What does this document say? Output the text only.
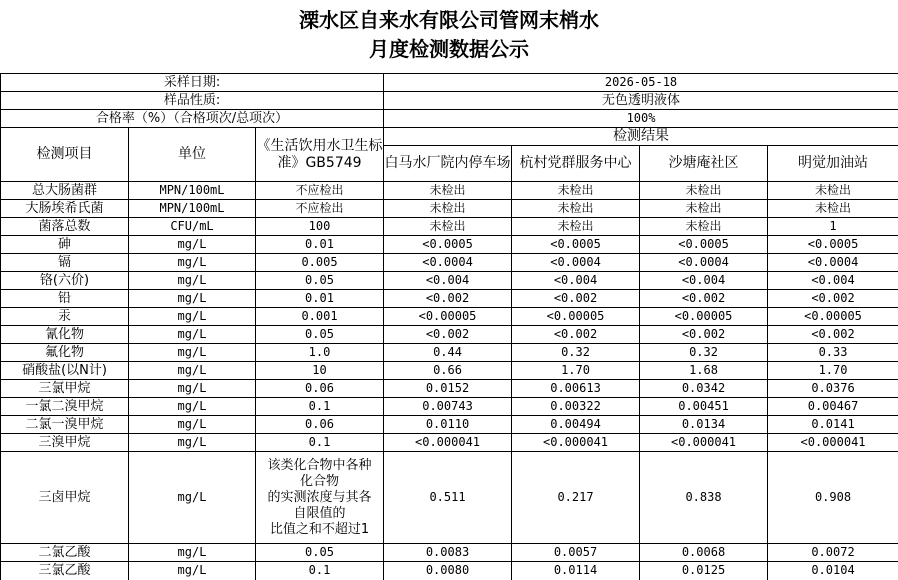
溧水区自来水有限公司管网末梢水
月度检测数据公示
采样日期:			2026-05-18			
样品性质:			无色透明液体			
合格率（%）（合格项次/总项次）			100%			
检测项目	单位	《生活饮用水卫生标准》GB5749	检测结果			
			白马水厂院内停车场	杭村党群服务中心	沙塘庵社区	明觉加油站
总大肠菌群	MPN/100mL	不应检出	未检出	未检出	未检出	未检出
大肠埃希氏菌	MPN/100mL	不应检出	未检出	未检出	未检出	未检出
菌落总数	CFU/mL	100	未检出	未检出	未检出	1
砷	mg/L	0.01	<0.0005	<0.0005	<0.0005	<0.0005
镉	mg/L	0.005	<0.0004	<0.0004	<0.0004	<0.0004
铬(六价)	mg/L	0.05	<0.004	<0.004	<0.004	<0.004
铅	mg/L	0.01	<0.002	<0.002	<0.002	<0.002
汞	mg/L	0.001	<0.00005	<0.00005	<0.00005	<0.00005
氰化物	mg/L	0.05	<0.002	<0.002	<0.002	<0.002
氟化物	mg/L	1.0	0.44	0.32	0.32	0.33
硝酸盐(以N计)	mg/L	10	0.66	1.70	1.68	1.70
三氯甲烷	mg/L	0.06	0.0152	0.00613	0.0342	0.0376
一氯二溴甲烷	mg/L	0.1	0.00743	0.00322	0.00451	0.00467
二氯一溴甲烷	mg/L	0.06	0.0110	0.00494	0.0134	0.0141
三溴甲烷	mg/L	0.1	<0.000041	<0.000041	<0.000041	<0.000041
三卤甲烷	mg/L	该类化合物中各种
化合物
的实测浓度与其各
自限值的
比值之和不超过1	0.511	0.217	0.838	0.908
二氯乙酸	mg/L	0.05	0.0083	0.0057	0.0068	0.0072
三氯乙酸	mg/L	0.1	0.0080	0.0114	0.0125	0.0104
